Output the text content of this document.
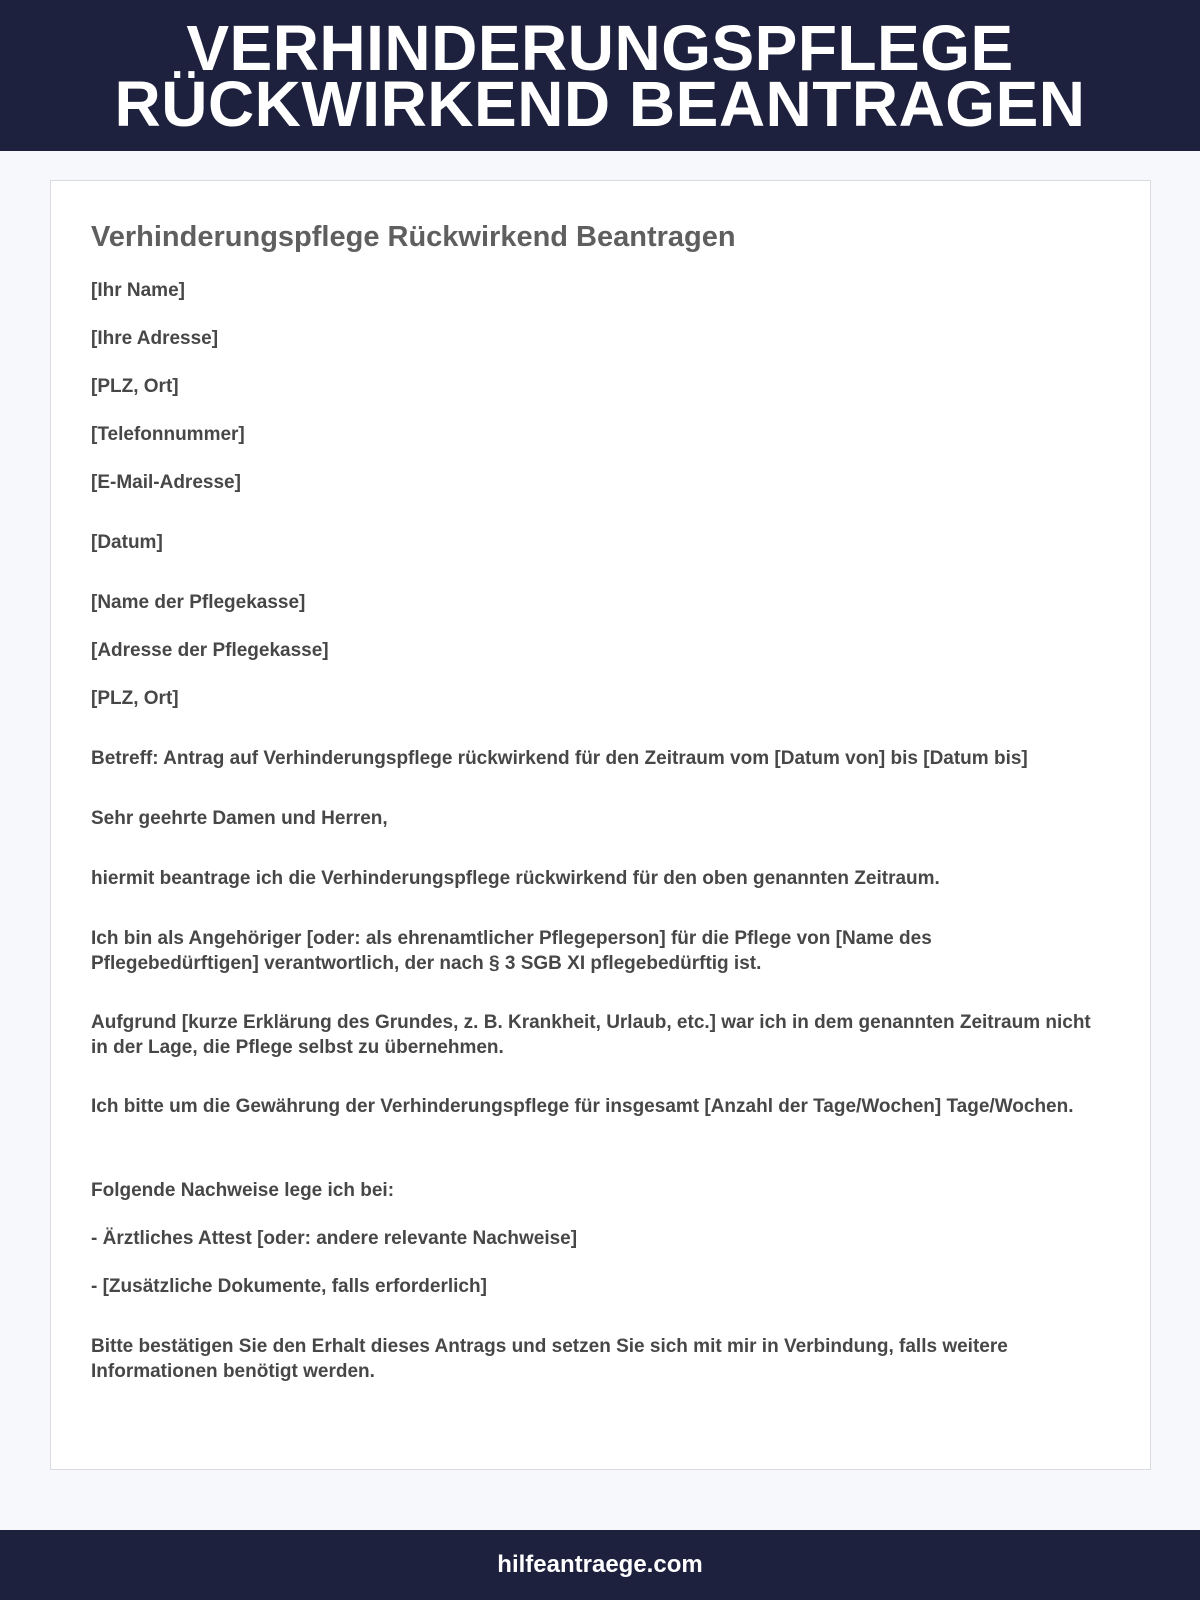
VERHINDERUNGSPFLEGE
RÜCKWIRKEND BEANTRAGEN
Verhinderungspflege Rückwirkend Beantragen
[Ihr Name]
[Ihre Adresse]
[PLZ, Ort]
[Telefonnummer]
[E-Mail-Adresse]
[Datum]
[Name der Pflegekasse]
[Adresse der Pflegekasse]
[PLZ, Ort]
Betreff: Antrag auf Verhinderungspflege rückwirkend für den Zeitraum vom [Datum von] bis [Datum bis]
Sehr geehrte Damen und Herren,
hiermit beantrage ich die Verhinderungspflege rückwirkend für den oben genannten Zeitraum.
Ich bin als Angehöriger [oder: als ehrenamtlicher Pflegeperson] für die Pflege von [Name des Pflegebedürftigen] verantwortlich, der nach § 3 SGB XI pflegebedürftig ist.
Aufgrund [kurze Erklärung des Grundes, z. B. Krankheit, Urlaub, etc.] war ich in dem genannten Zeitraum nicht in der Lage, die Pflege selbst zu übernehmen.
Ich bitte um die Gewährung der Verhinderungspflege für insgesamt [Anzahl der Tage/Wochen] Tage/Wochen.
Folgende Nachweise lege ich bei:
- Ärztliches Attest [oder: andere relevante Nachweise]
- [Zusätzliche Dokumente, falls erforderlich]
Bitte bestätigen Sie den Erhalt dieses Antrags und setzen Sie sich mit mir in Verbindung, falls weitere Informationen benötigt werden.
hilfeantraege.com
